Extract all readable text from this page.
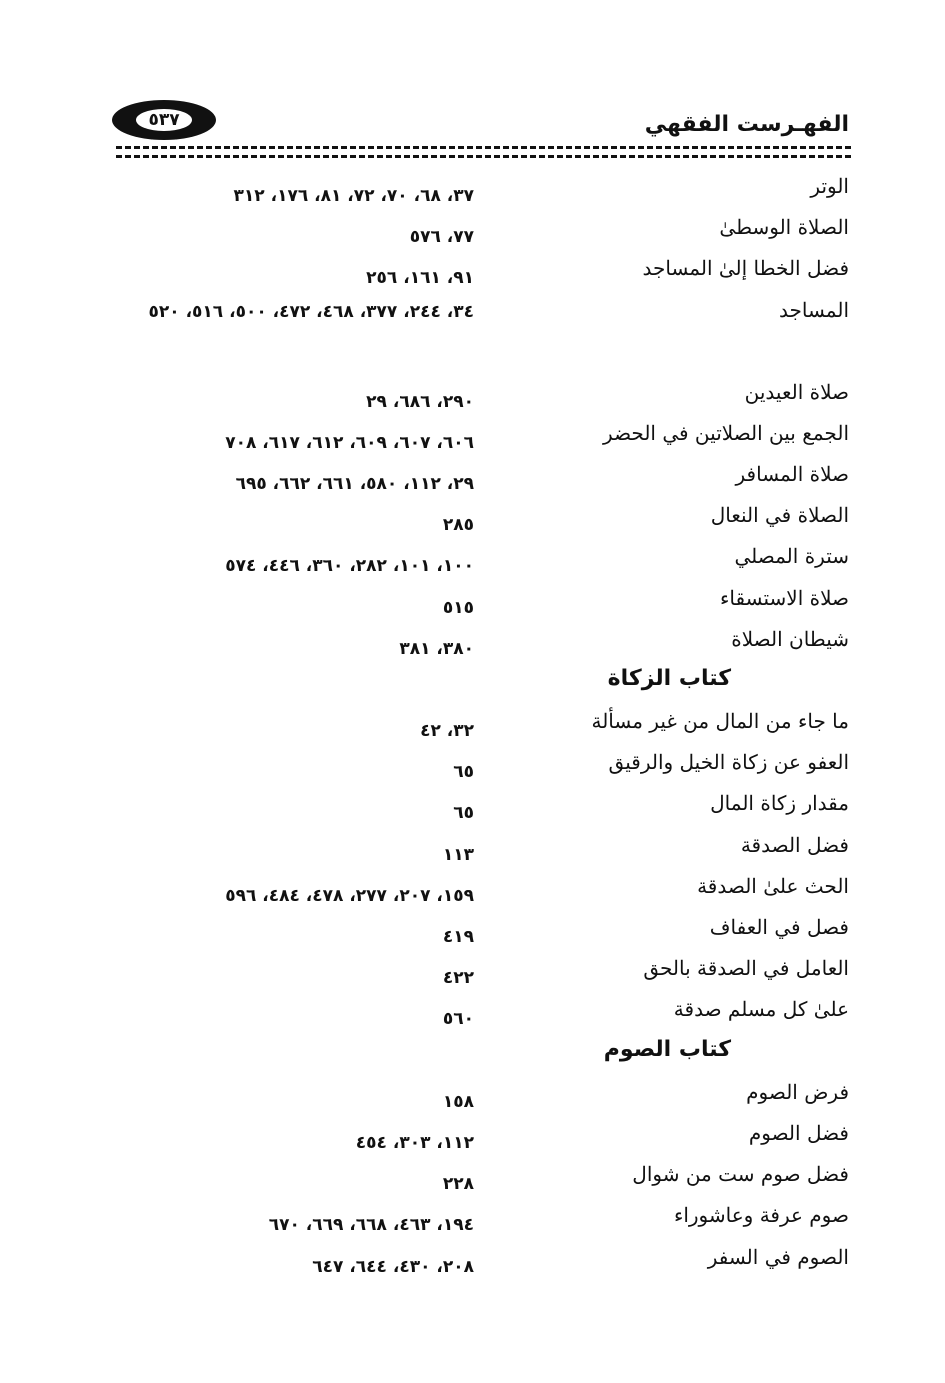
الفهـرست الفقهي
٥٣٧
الوتر
٣٧، ٦٨، ٧٠، ٧٢، ٨١، ١٧٦، ٣١٢
الصلاة الوسطىٰ
٧٧، ٥٧٦
فضل الخطا إلىٰ المساجد
٩١، ١٦١، ٢٥٦
المساجد
٣٤، ٢٤٤، ٣٧٧، ٤٦٨، ٤٧٢، ٥٠٠، ٥١٦، ٥٢٠
صلاة العيدين
٢٩٠، ٦٨٦، ٢٩
الجمع بين الصلاتين في الحضر
٦٠٦، ٦٠٧، ٦٠٩، ٦١٢، ٦١٧، ٧٠٨
صلاة المسافر
٢٩، ١١٢، ٥٨٠، ٦٦١، ٦٦٢، ٦٩٥
الصلاة في النعال
٢٨٥
سترة المصلي
١٠٠، ١٠١، ٢٨٢، ٣٦٠، ٤٤٦، ٥٧٤
صلاة الاستسقاء
٥١٥
شيطان الصلاة
٣٨٠، ٣٨١
كتاب الزكاة
ما جاء من المال من غير مسألة
٣٢، ٤٢
العفو عن زكاة الخيل والرقيق
٦٥
مقدار زكاة المال
٦٥
فضل الصدقة
١١٣
الحث علىٰ الصدقة
١٥٩، ٢٠٧، ٢٧٧، ٤٧٨، ٤٨٤، ٥٩٦
فصل في العفاف
٤١٩
العامل في الصدقة بالحق
٤٢٢
علىٰ كل مسلم صدقة
٥٦٠
كتاب الصوم
فرض الصوم
١٥٨
فضل الصوم
١١٢، ٣٠٣، ٤٥٤
فضل صوم ست من شوال
٢٢٨
صوم عرفة وعاشوراء
١٩٤، ٤٦٣، ٦٦٨، ٦٦٩، ٦٧٠
الصوم في السفر
٢٠٨، ٤٣٠، ٦٤٤، ٦٤٧
